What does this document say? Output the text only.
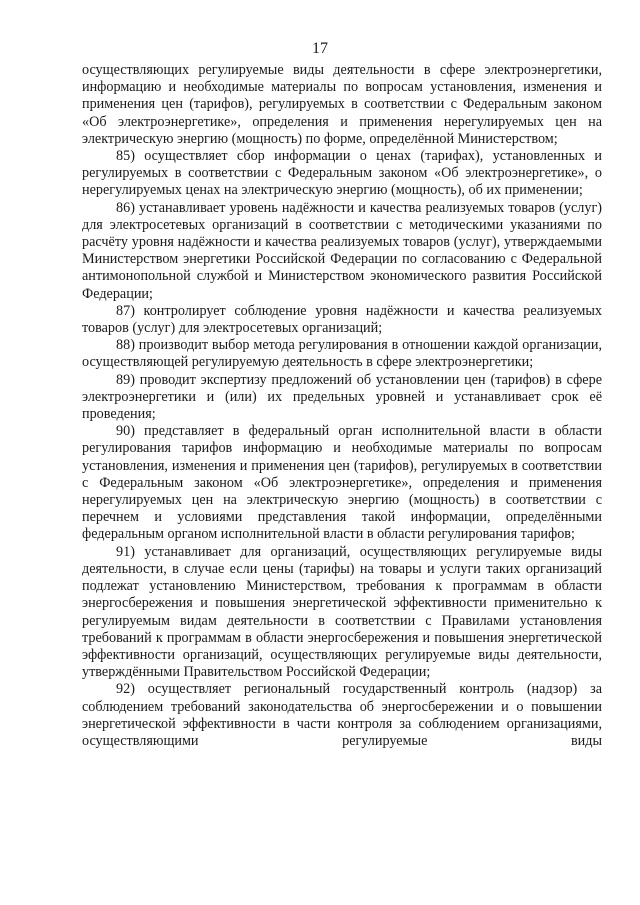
17

осуществляющих регулируемые виды деятельности в сфере электроэнергетики, информацию и необходимые материалы по вопросам установления, изменения и применения цен (тарифов), регулируемых в соответствии с Федеральным законом «Об электроэнергетике», определения и применения нерегулируемых цен на электрическую энергию (мощность) по форме, определённой Министерством;

85) осуществляет сбор информации о ценах (тарифах), установленных и регулируемых в соответствии с Федеральным законом «Об электроэнергетике», о нерегулируемых ценах на электрическую энергию (мощность), об их применении;

86) устанавливает уровень надёжности и качества реализуемых товаров (услуг) для электросетевых организаций в соответствии с методическими указаниями по расчёту уровня надёжности и качества реализуемых товаров (услуг), утверждаемыми Министерством энергетики Российской Федерации по согласованию с Федеральной антимонопольной службой и Министерством экономического развития Российской Федерации;

87) контролирует соблюдение уровня надёжности и качества реализуемых товаров (услуг) для электросетевых организаций;

88) производит выбор метода регулирования в отношении каждой организации, осуществляющей регулируемую деятельность в сфере электроэнергетики;

89) проводит экспертизу предложений об установлении цен (тарифов) в сфере электроэнергетики и (или) их предельных уровней и устанавливает срок её проведения;

90) представляет в федеральный орган исполнительной власти в области регулирования тарифов информацию и необходимые материалы по вопросам установления, изменения и применения цен (тарифов), регулируемых в соответствии с Федеральным законом «Об электроэнергетике», определения и применения нерегулируемых цен на электрическую энергию (мощность) в соответствии с перечнем и условиями представления такой информации, определёнными федеральным органом исполнительной власти в области регулирования тарифов;

91) устанавливает для организаций, осуществляющих регулируемые виды деятельности, в случае если цены (тарифы) на товары и услуги таких организаций подлежат установлению Министерством, требования к программам в области энергосбережения и повышения энергетической эффективности применительно к регулируемым видам деятельности в соответствии с Правилами установления требований к программам в области энергосбережения и повышения энергетической эффективности организаций, осуществляющих регулируемые виды деятельности, утверждёнными Правительством Российской Федерации;

92) осуществляет региональный государственный контроль (надзор) за соблюдением требований законодательства об энергосбережении и о повышении энергетической эффективности в части контроля за соблюдением организациями, осуществляющими регулируемые виды
